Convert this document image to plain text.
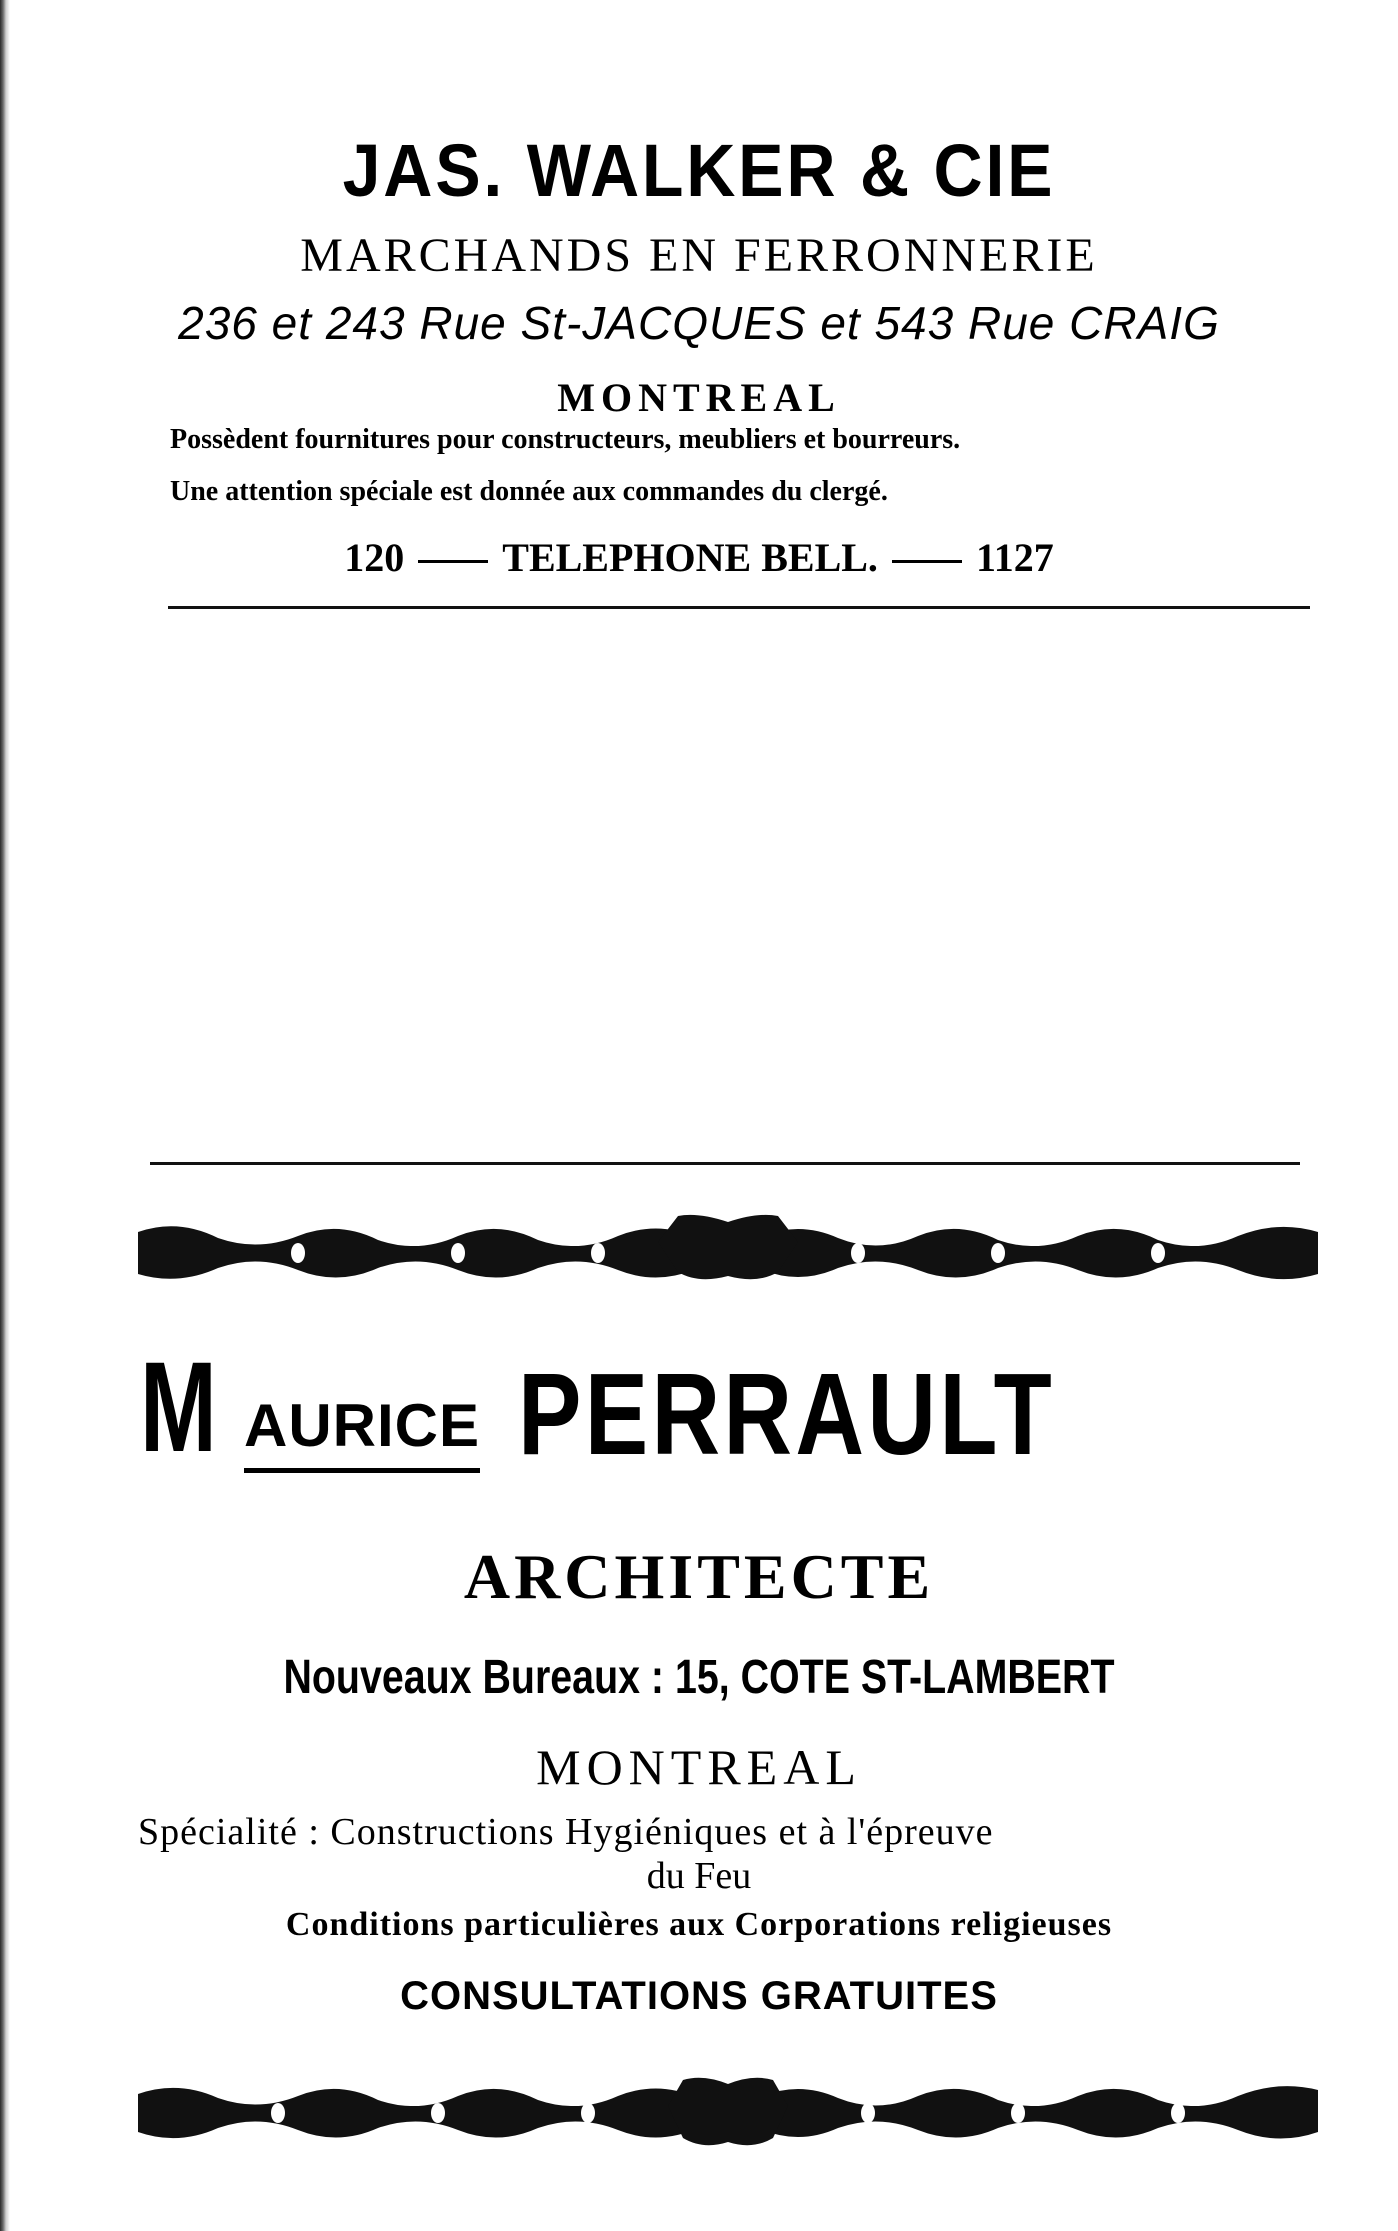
JAS. WALKER & CIE
MARCHANDS EN FERRONNERIE
236 et 243 Rue St-JACQUES et 543 Rue CRAIG
MONTREAL
Possèdent fournitures pour constructeurs, meubliers et bourreurs.
Une attention spéciale est donnée aux commandes du clergé.
120 TELEPHONE BELL. 1127
M AURICE PERRAULT
ARCHITECTE
Nouveaux Bureaux : 15, COTE ST-LAMBERT
MONTREAL
Spécialité : Constructions Hygiéniques et à l'épreuve
du Feu
Conditions particulières aux Corporations religieuses
CONSULTATIONS GRATUITES
